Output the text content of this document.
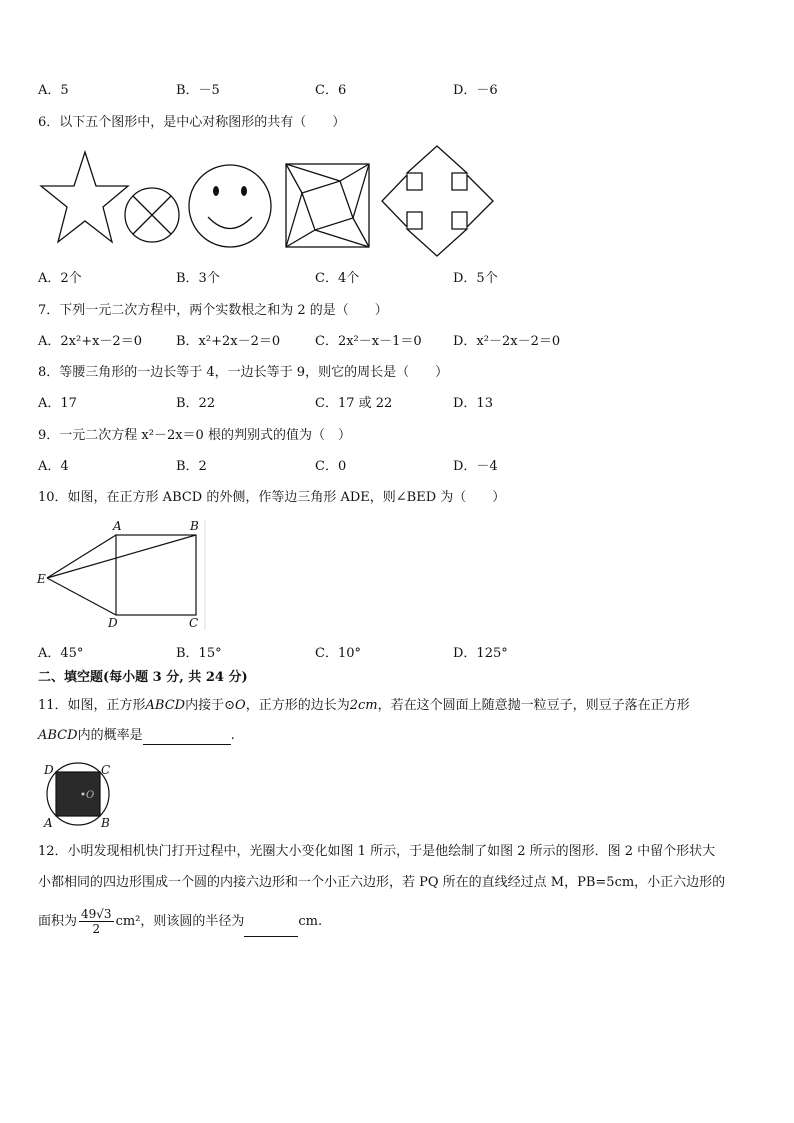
A．5	B．－5	C．6	D．－6
6．以下五个图形中，是中心对称图形的共有（　　）
A．2个	B．3个	C．4个	D．5个
7．下列一元二次方程中，两个实数根之和为 2 的是（　　）
A．2x²+x－2＝0	B．x²+2x－2＝0	C．2x²－x－1＝0 D．x²－2x－2＝0
8．等腰三角形的一边长等于 4，一边长等于 9，则它的周长是（　　）
A．17	B．22	C．17 或 22	D．13
9．一元二次方程 x²－2x＝0 根的判别式的值为（　）
A．4	B．2	C．0	D．－4
10．如图，在正方形 ABCD 的外侧，作等边三角形 ADE，则∠BED 为（　　）
A	B
C
D
E
A．45°	B．15°	C．10°	D．125°
二、填空题(每小题 3 分, 共 24 分)
11．如图，正方形ABCD内接于⊙O，正方形的边长为2cm，若在这个圆面上随意抛一粒豆子，则豆子落在正方形
ABCD内的概率是	.
O
D	C
A	B
12．小明发现相机快门打开过程中，光圈大小变化如图 1 所示，于是他绘制了如图 2 所示的图形．图 2 中留个形状大
小都相同的四边形围成一个圆的内接六边形和一个小正六边形，若 PQ 所在的直线经过点 M，PB=5cm，小正六边形的
面积为 $\frac{49√3}{2} cm^2$，则该圆的半径为	cm.
